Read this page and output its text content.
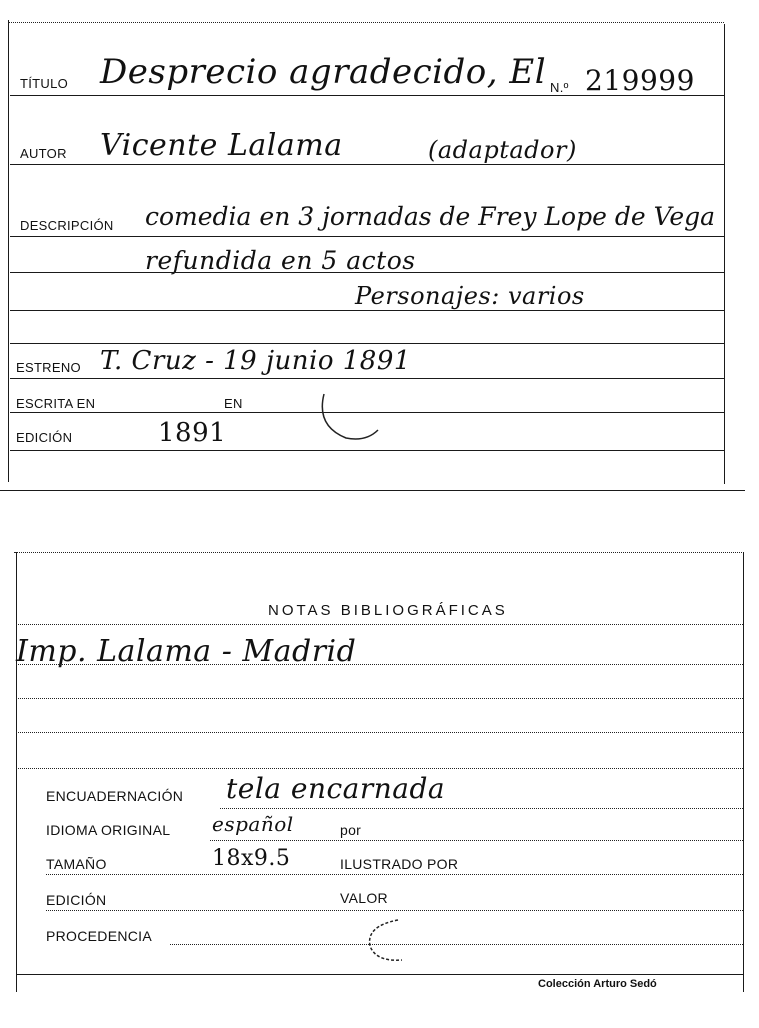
TÍTULO Desprecio agradecido, El N.º 219999
AUTOR Vicente Lalama	(adaptador)
DESCRIPCIÓN comedia en 3 jornadas de Frey Lope de Vega
refundida en 5 actos
Personajes: varios
ESTRENO T. Cruz - 19 junio 1891
ESCRITA EN	EN
EDICIÓN	1891
NOTAS BIBLIOGRÁFICAS
Imp. Lalama - Madrid
ENCUADERNACIÓN tela encarnada
IDIOMA ORIGINAL español	por
TAMAÑO	18x9.5	ILUSTRADO POR
EDICIÓN	VALOR
PROCEDENCIA
Colección Arturo Sedó
